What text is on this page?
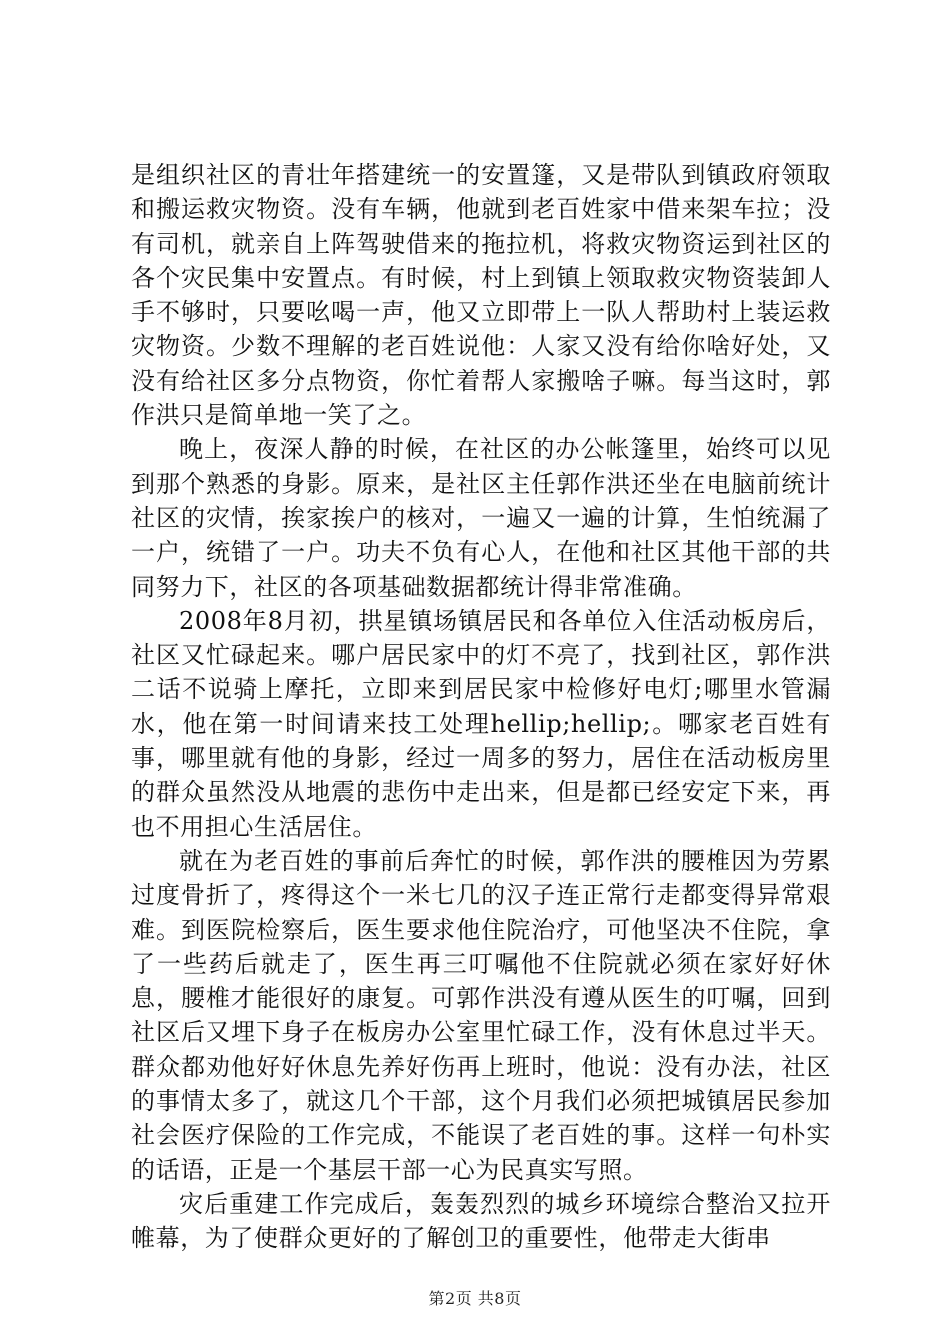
是组织社区的青壮年搭建统一的安置篷，又是带队到镇政府领取和搬运救灾物资。没有车辆，他就到老百姓家中借来架车拉；没有司机，就亲自上阵驾驶借来的拖拉机，将救灾物资运到社区的各个灾民集中安置点。有时候，村上到镇上领取救灾物资装卸人手不够时，只要吆喝一声，他又立即带上一队人帮助村上装运救灾物资。少数不理解的老百姓说他：人家又没有给你啥好处，又没有给社区多分点物资，你忙着帮人家搬啥子嘛。每当这时，郭作洪只是简单地一笑了之。

晚上，夜深人静的时候，在社区的办公帐篷里，始终可以见到那个熟悉的身影。原来，是社区主任郭作洪还坐在电脑前统计社区的灾情，挨家挨户的核对，一遍又一遍的计算，生怕统漏了一户，统错了一户。功夫不负有心人，在他和社区其他干部的共同努力下，社区的各项基础数据都统计得非常准确。

2008年8月初，拱星镇场镇居民和各单位入住活动板房后，社区又忙碌起来。哪户居民家中的灯不亮了，找到社区，郭作洪二话不说骑上摩托，立即来到居民家中检修好电灯;哪里水管漏水，他在第一时间请来技工处理hellip;hellip;。哪家老百姓有事，哪里就有他的身影，经过一周多的努力，居住在活动板房里的群众虽然没从地震的悲伤中走出来，但是都已经安定下来，再也不用担心生活居住。

就在为老百姓的事前后奔忙的时候，郭作洪的腰椎因为劳累过度骨折了，疼得这个一米七几的汉子连正常行走都变得异常艰难。到医院检察后，医生要求他住院治疗，可他坚决不住院，拿了一些药后就走了，医生再三叮嘱他不住院就必须在家好好休息，腰椎才能很好的康复。可郭作洪没有遵从医生的叮嘱，回到社区后又埋下身子在板房办公室里忙碌工作，没有休息过半天。群众都劝他好好休息先养好伤再上班时，他说：没有办法，社区的事情太多了，就这几个干部，这个月我们必须把城镇居民参加社会医疗保险的工作完成，不能误了老百姓的事。这样一句朴实的话语，正是一个基层干部一心为民真实写照。

灾后重建工作完成后，轰轰烈烈的城乡环境综合整治又拉开帷幕，为了使群众更好的了解创卫的重要性，他带走大街串

第2页 共8页
